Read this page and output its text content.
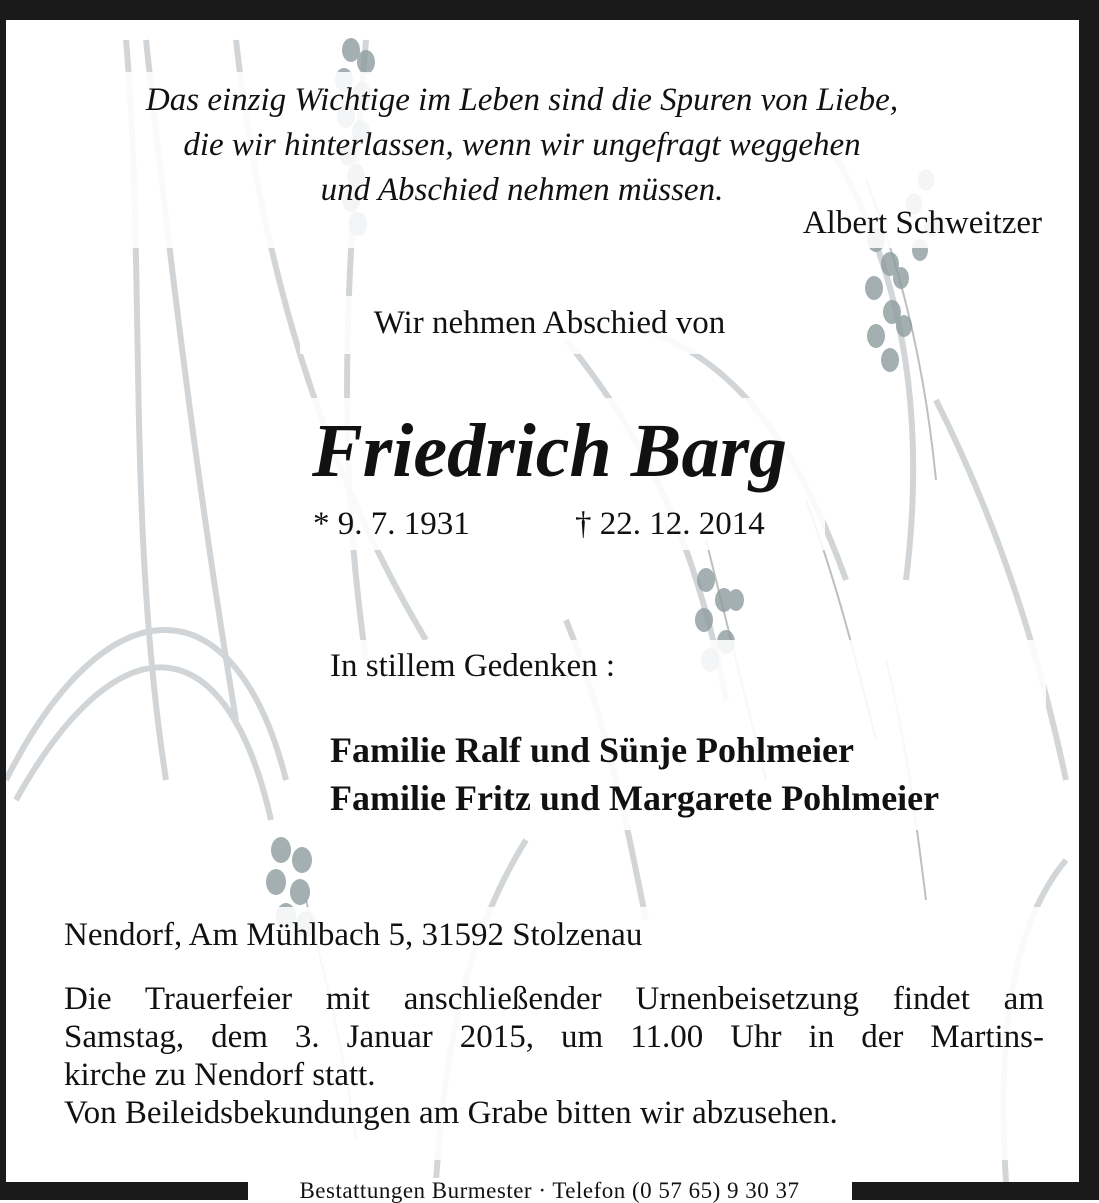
Das einzig Wichtige im Leben sind die Spuren von Liebe,
die wir hinterlassen, wenn wir ungefragt weggehen
und Abschied nehmen müssen.
Albert Schweitzer
Wir nehmen Abschied von
Friedrich Barg
* 9. 7. 1931	† 22. 12. 2014
In stillem Gedenken :
Familie Ralf und Sünje Pohlmeier
Familie Fritz und Margarete Pohlmeier
Nendorf, Am Mühlbach 5, 31592 Stolzenau
Die Trauerfeier mit anschließender Urnenbeisetzung findet am
Samstag, dem 3. Januar 2015, um 11.00 Uhr in der Martins-
kirche zu Nendorf statt.
Von Beileidsbekundungen am Grabe bitten wir abzusehen.
Bestattungen Burmester · Telefon (0 57 65) 9 30 37
